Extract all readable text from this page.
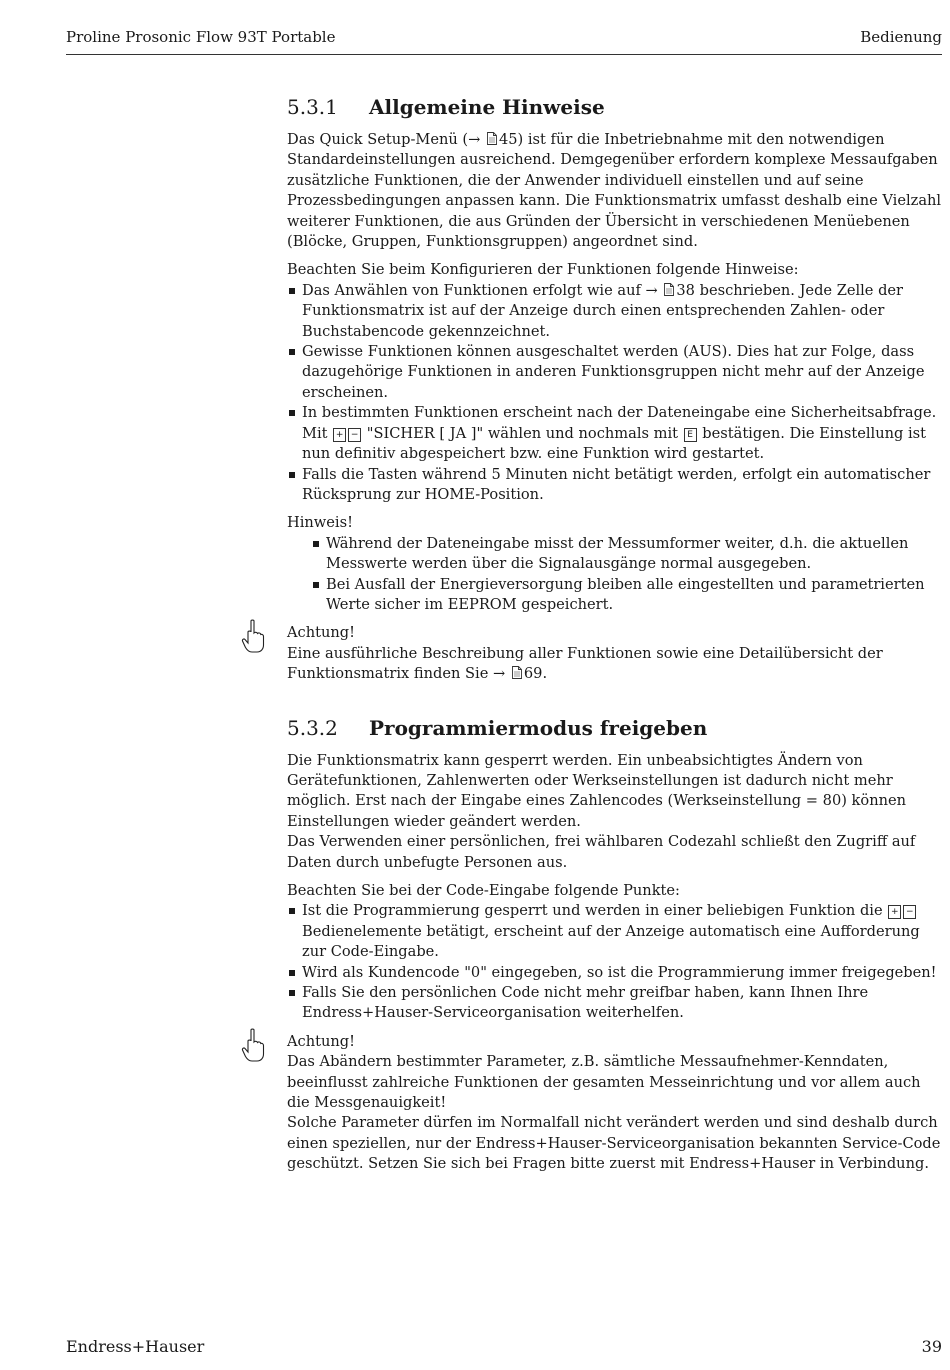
Proline Prosonic Flow 93T Portable	Bedienung
5.3.1 Allgemeine Hinweise

Das Quick Setup-Menü (→ 45) ist für die Inbetriebnahme mit den notwendigen Standardeinstellungen ausreichend. Demgegenüber erfordern komplexe Messaufgaben zusätzliche Funktionen, die der Anwender individuell einstellen und auf seine Prozessbedingungen anpassen kann. Die Funktionsmatrix umfasst deshalb eine Vielzahl weiterer Funktionen, die aus Gründen der Übersicht in verschiedenen Menüebenen (Blöcke, Gruppen, Funktionsgruppen) angeordnet sind.

Beachten Sie beim Konfigurieren der Funktionen folgende Hinweise:

Das Anwählen von Funktionen erfolgt wie auf → 38 beschrieben. Jede Zelle der Funktionsmatrix ist auf der Anzeige durch einen entsprechenden Zahlen- oder Buchstabencode gekennzeichnet.
Gewisse Funktionen können ausgeschaltet werden (AUS). Dies hat zur Folge, dass dazugehörige Funktionen in anderen Funktionsgruppen nicht mehr auf der Anzeige erscheinen.
In bestimmten Funktionen erscheint nach der Dateneingabe eine Sicherheitsabfrage. Mit + − "SICHER [ JA ]" wählen und nochmals mit E bestätigen. Die Einstellung ist nun definitiv abgespeichert bzw. eine Funktion wird gestartet.
Falls die Tasten während 5 Minuten nicht betätigt werden, erfolgt ein automatischer Rücksprung zur HOME-Position.

Hinweis!

Während der Dateneingabe misst der Messumformer weiter, d.h. die aktuellen Messwerte werden über die Signalausgänge normal ausgegeben.
Bei Ausfall der Energieversorgung bleiben alle eingestellten und parametrierten Werte sicher im EEPROM gespeichert.

Achtung!

Eine ausführliche Beschreibung aller Funktionen sowie eine Detailübersicht der Funktionsmatrix finden Sie → 69.

5.3.2 Programmiermodus freigeben

Die Funktionsmatrix kann gesperrt werden. Ein unbeabsichtigtes Ändern von Gerätefunktionen, Zahlenwerten oder Werkseinstellungen ist dadurch nicht mehr möglich. Erst nach der Eingabe eines Zahlencodes (Werkseinstellung = 80) können Einstellungen wieder geändert werden.

Das Verwenden einer persönlichen, frei wählbaren Codezahl schließt den Zugriff auf Daten durch unbefugte Personen aus.

Beachten Sie bei der Code-Eingabe folgende Punkte:

Ist die Programmierung gesperrt und werden in einer beliebigen Funktion die + − Bedienelemente betätigt, erscheint auf der Anzeige automatisch eine Aufforderung zur Code-Eingabe.
Wird als Kundencode "0" eingegeben, so ist die Programmierung immer freigegeben!
Falls Sie den persönlichen Code nicht mehr greifbar haben, kann Ihnen Ihre Endress+Hauser-Serviceorganisation weiterhelfen.

Achtung!

Das Abändern bestimmter Parameter, z.B. sämtliche Messaufnehmer-Kenndaten, beeinflusst zahlreiche Funktionen der gesamten Messeinrichtung und vor allem auch die Messgenauigkeit!

Solche Parameter dürfen im Normalfall nicht verändert werden und sind deshalb durch einen speziellen, nur der Endress+Hauser-Serviceorganisation bekannten Service-Code geschützt. Setzen Sie sich bei Fragen bitte zuerst mit Endress+Hauser in Verbindung.

Endress+Hauser	39
